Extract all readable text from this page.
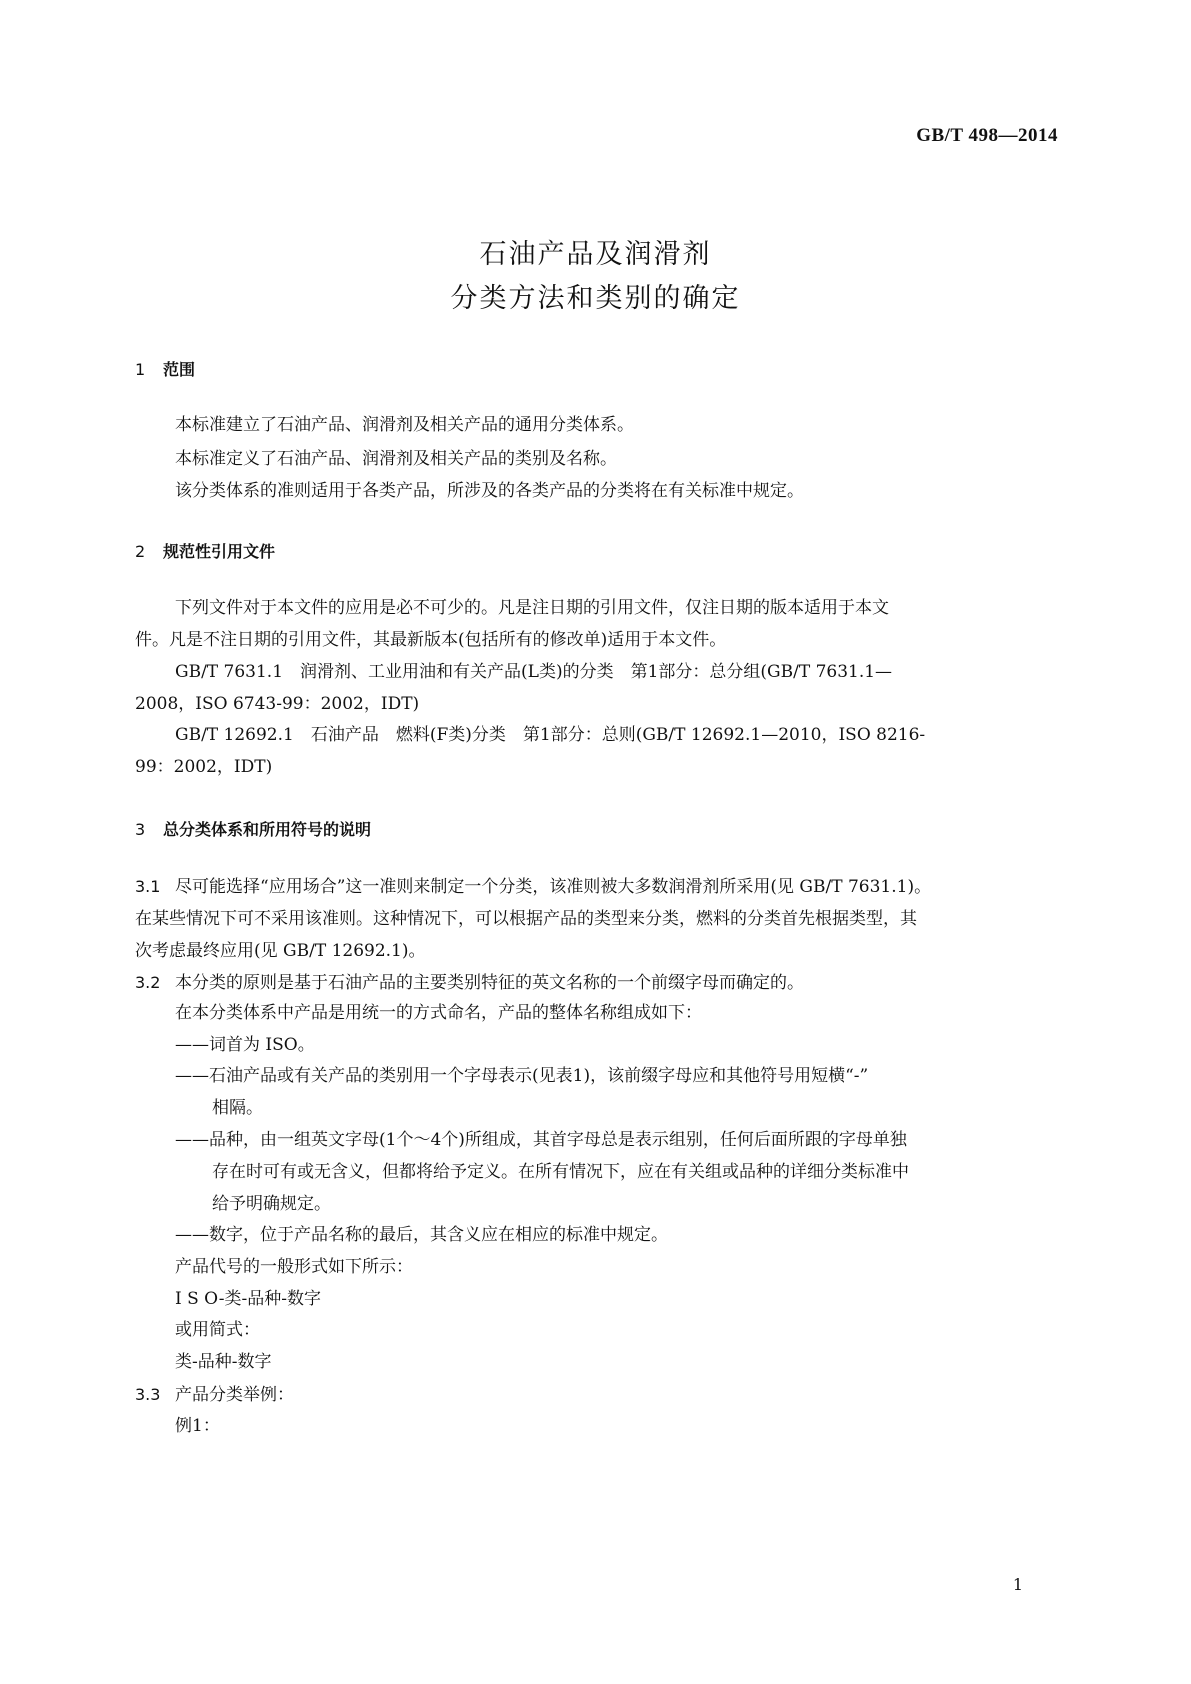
GB/T 498—2014
石油产品及润滑剂
分类方法和类别的确定
1 范围
本标准建立了石油产品、润滑剂及相关产品的通用分类体系。
本标准定义了石油产品、润滑剂及相关产品的类别及名称。
该分类体系的准则适用于各类产品，所涉及的各类产品的分类将在有关标准中规定。
2 规范性引用文件
下列文件对于本文件的应用是必不可少的。凡是注日期的引用文件，仅注日期的版本适用于本文
件。凡是不注日期的引用文件，其最新版本(包括所有的修改单)适用于本文件。
GB/T 7631.1　润滑剂、工业用油和有关产品(L类)的分类　第1部分：总分组(GB/T 7631.1—
2008，ISO 6743-99：2002，IDT)
GB/T 12692.1　石油产品　燃料(F类)分类　第1部分：总则(GB/T 12692.1—2010，ISO 8216-
99：2002，IDT)
3 总分类体系和所用符号的说明
3.1 尽可能选择“应用场合”这一准则来制定一个分类，该准则被大多数润滑剂所采用(见 GB/T 7631.1)。
在某些情况下可不采用该准则。这种情况下，可以根据产品的类型来分类，燃料的分类首先根据类型，其
次考虑最终应用(见 GB/T 12692.1)。
3.2 本分类的原则是基于石油产品的主要类别特征的英文名称的一个前缀字母而确定的。
在本分类体系中产品是用统一的方式命名，产品的整体名称组成如下：
——词首为 ISO。
——石油产品或有关产品的类别用一个字母表示(见表1)，该前缀字母应和其他符号用短横“-”
相隔。
——品种，由一组英文字母(1个～4个)所组成，其首字母总是表示组别，任何后面所跟的字母单独
存在时可有或无含义，但都将给予定义。在所有情况下，应在有关组或品种的详细分类标准中
给予明确规定。
——数字，位于产品名称的最后，其含义应在相应的标准中规定。
产品代号的一般形式如下所示：
I S O-类-品种-数字
或用简式：
类-品种-数字
3.3 产品分类举例：
例1：
1
